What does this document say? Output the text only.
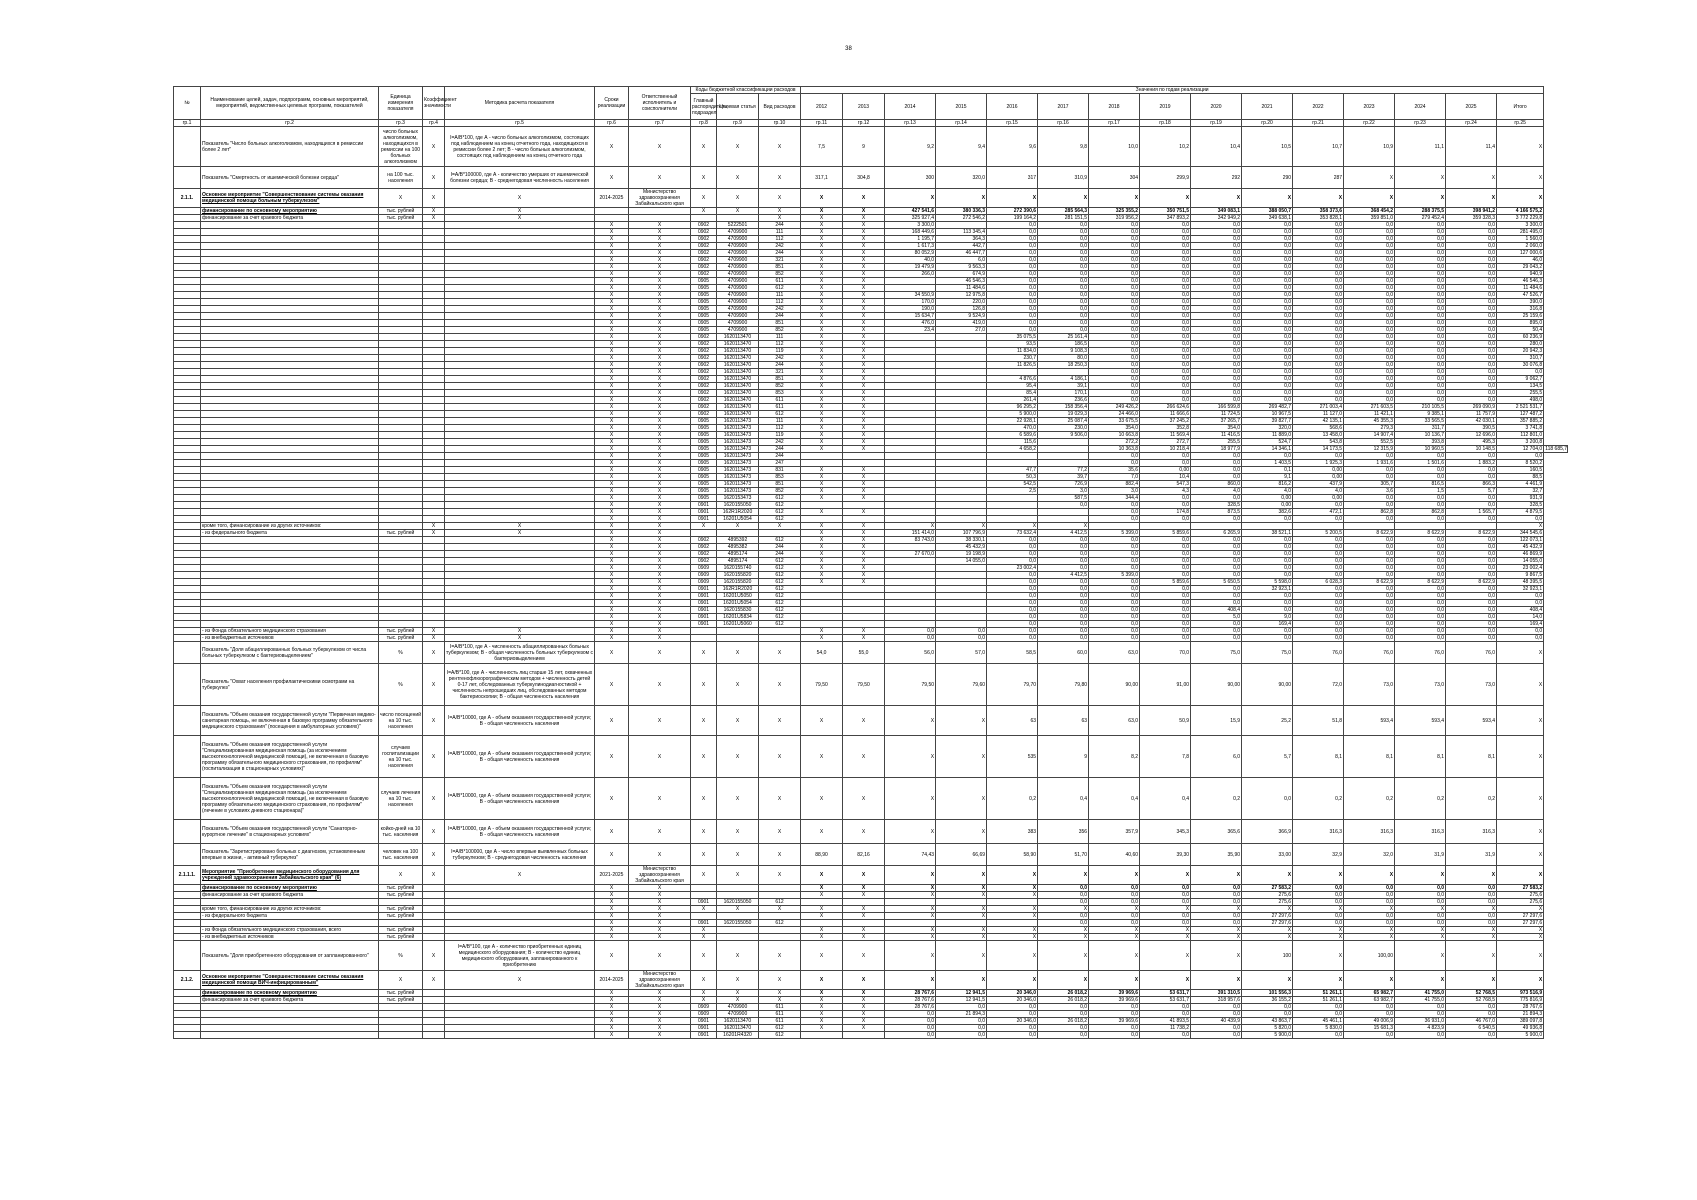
38
№	Наименование целей, задач, подпрограмм, основных мероприятий, мероприятий, ведомственных целевых программ, показателей	Единица измерения показателя	Коэффициент значимости	Методика расчета показателя	Сроки реализации	Ответственный исполнитель и соисполнители	Коды бюджетной классификации расходов			Значения по годам реализации															
							Главный распорядитель, подраздел	Целевая статья	Вид расходов	2012	2013	2014	2015	2016	2017	2018	2019	2020	2021	2022	2023	2024	2025	Итого	
гр.1	гр.2	гр.3	гр.4	гр.5	гр.6	гр.7	гр.8	гр.9	гр.10	гр.11	гр.12	гр.13	гр.14	гр.15	гр.16	гр.17	гр.18	гр.19	гр.20	гр.21	гр.22	гр.23	гр.24	гр.25	
	Показатель "Число больных алкоголизмом, находящихся в ремиссии более 2 лет"	число больных алкоголизмом, находящихся в ремиссии на 100 больных алкоголизмом	X	I=A/B*100, где А - число больных алкоголизмом, состоящих под наблюдением на конец отчетного года, находящихся в ремиссии более 2 лет; B - число больных алкоголизмом, состоящих под наблюдением на конец отчетного года	X	X	X	X	X	7,5	9	9,2	9,4	9,6	9,8	10,0	10,2	10,4	10,5	10,7	10,9	11,1	11,4	X	
	Показатель "Смертность от ишемической болезни сердца"	на 100 тыс. населения	X	I=A/B*100000, где А - количество умерших от ишемической болезни сердца; B - среднегодовая численность населения	X	X	X	X	X	317,1	304,8	300	320,0	317	310,9	304	299,9	292	290	287	X	X	X	X	
2.1.1.	Основное мероприятие "Совершенствование системы оказания медицинской помощи больным туберкулезом"	X	X	X	2014-2025	Министерство здравоохранения Забайкальского края	X	X	X	X	X	X	X	X	X	X	X	X	X	X	X	X	X	X	
	финансирование по основному мероприятию	тыс. рублей	X	X			X	X	X	X	X	427 541,6	380 336,3	272 390,6	285 564,3	325 355,2	350 751,5	349 083,1	388 050,7	358 373,6	368 454,2	288 375,5	398 941,2	4 166 575,2	
	финансирование за счет краевого бюджета	тыс. рублей	X	X					X	X	X	325 927,4	272 546,2	199 164,2	281 151,5	319 956,2	347 893,2	342 949,2	349 638,1	353 828,1	359 851,0	279 452,4	359 328,3	3 772 229,8	
					X	X	0902	5222501	244	X	X	3 300,0		0,0	0,0	0,0	0,0	0,0	0,0	0,0	0,0	0,0	0,0	3 300,0	
					X	X	0902	4709900	111	X	X	168 449,6	113 345,4	0,0	0,0	0,0	0,0	0,0	0,0	0,0	0,0	0,0	0,0	281 495,0	
					X	X	0902	4709900	112	X	X	1 195,7	364,3	0,0	0,0	0,0	0,0	0,0	0,0	0,0	0,0	0,0	0,0	1 560,0	
					X	X	0902	4709900	242	X	X	1 617,3	442,7	0,0	0,0	0,0	0,0	0,0	0,0	0,0	0,0	0,0	0,0	2 060,0	
					X	X	0902	4709900	244	X	X	80 052,9	46 447,7	0,0	0,0	0,0	0,0	0,0	0,0	0,0	0,0	0,0	0,0	127 000,6	
					X	X	0902	4709900	321	X	X	40,0	6,0	0,0	0,0	0,0	0,0	0,0	0,0	0,0	0,0	0,0	0,0	46,0	
					X	X	0902	4709900	851	X	X	19 479,9	9 563,3	0,0	0,0	0,0	0,0	0,0	0,0	0,0	0,0	0,0	0,0	29 043,2	
					X	X	0902	4709900	852	X	X	266,0	674,9	0,0	0,0	0,0	0,0	0,0	0,0	0,0	0,0	0,0	0,0	940,9	
					X	X	0905	4709900	611	X	X		46 546,3	0,0	0,0	0,0	0,0	0,0	0,0	0,0	0,0	0,0	0,0	46 546,3	
					X	X	0905	4709900	612	X	X		11 484,6	0,0	0,0	0,0	0,0	0,0	0,0	0,0	0,0	0,0	0,0	11 484,6	
					X	X	0905	4709900	111	X	X	34 550,9	12 975,8	0,0	0,0	0,0	0,0	0,0	0,0	0,0	0,0	0,0	0,0	47 526,7	
					X	X	0905	4709900	112	X	X	170,0	220,0	0,0	0,0	0,0	0,0	0,0	0,0	0,0	0,0	0,0	0,0	390,0	
					X	X	0905	4709900	242	X	X	190,0	126,8	0,0	0,0	0,0	0,0	0,0	0,0	0,0	0,0	0,0	0,0	316,8	
					X	X	0905	4709900	244	X	X	15 634,7	9 524,9	0,0	0,0	0,0	0,0	0,0	0,0	0,0	0,0	0,0	0,0	25 159,6	
					X	X	0905	4709900	851	X	X	476,0	419,0	0,0	0,0	0,0	0,0	0,0	0,0	0,0	0,0	0,0	0,0	895,0	
					X	X	0905	4709900	852	X	X	23,4	27,0	0,0	0,0	0,0	0,0	0,0	0,0	0,0	0,0	0,0	0,0	50,4	
					X	X	0902	1620113470	111	X	X			35 075,5	25 161,4	0,0	0,0	0,0	0,0	0,0	0,0	0,0	0,0	60 236,9	
					X	X	0902	1620113470	112	X	X			93,5	186,5	0,0	0,0	0,0	0,0	0,0	0,0	0,0	0,0	280,0	
					X	X	0902	1620113470	119	X	X			11 834,0	9 108,3	0,0	0,0	0,0	0,0	0,0	0,0	0,0	0,0	20 942,3	
					X	X	0902	1620113470	242	X	X			230,7	80,0	0,0	0,0	0,0	0,0	0,0	0,0	0,0	0,0	310,7	
					X	X	0902	1620113470	244	X	X			11 826,5	18 250,3	0,0	0,0	0,0	0,0	0,0	0,0	0,0	0,0	30 076,8	
					X	X	0902	1620113470	321	X	X					0,0	0,0	0,0	0,0	0,0	0,0	0,0	0,0	0,0	
					X	X	0902	1620113470	851	X	X			4 876,6	4 186,1	0,0	0,0	0,0	0,0	0,0	0,0	0,0	0,0	9 062,7	
					X	X	0902	1620113470	852	X	X			95,4	39,1	0,0	0,0	0,0	0,0	0,0	0,0	0,0	0,0	134,5	
					X	X	0902	1620113470	853	X	X			85,4	170,1	0,0	0,0	0,0	0,0	0,0	0,0	0,0	0,0	255,5	
					X	X	0902	1620113470	611	X	X			261,4	236,6	0,0	0,0	0,0	0,0	0,0	0,0	0,0	0,0	498,0	
					X	X	0902	1620113470	611	X	X			96 295,2	158 356,4	249 426,2	266 624,6	166 599,8	269 482,7	271 003,4	271 603,5	210 105,5	269 090,9	2 521 531,7	
					X	X	0902	1620113470	612	X	X			5 900,0	19 029,3	24 466,0	11 666,6	11 724,5	10 967,5	11 127,0	11 421,1	9 385,1	11 757,9	127 487,2	
					X	X	0905	1620113473	111	X	X			22 928,1	25 087,4	33 675,5	37 245,2	37 265,7	39 827,7	42 135,1	45 355,3	33 565,5	42 030,1	357 885,2	
					X	X	0905	1620113473	112	X	X			470,0	230,0	354,0	352,8	354,0	320,0	568,6	279,3	311,7	390,5	3 741,8	
					X	X	0905	1620113473	119	X	X			6 589,6	9 506,0	10 663,8	11 569,4	11 416,5	11 889,0	13 458,0	14 907,4	10 136,7	12 696,0	112 801,0	
					X	X	0905	1620113473	242	X	X			115,6		272,2	272,7	255,5	524,7	543,8	552,5	393,8	495,3	3 200,8	
					X	X	0905	1620113473	244	X	X			4 658,2		10 363,8	10 218,4	18 977,9	14 346,1	14 173,5	12 315,9	10 960,5	10 148,5	12 704,0	118 685,7
					X	X	0905	1620113473	244							0,0	0,0	0,0	0,0	0,0	0,0	0,0	0,0	0,0	
					X	X	0905	1620113473	247							0,0	0,0	0,0	1 403,5	1 925,3	1 931,6	1 501,6	1 883,2	8 520,2	
					X	X	0905	1620113473	831	X	X			47,7	77,2	35,6	0,00	0,0	0,1	0,00	0,0	0,0	0,0	160,5	
					X	X	0905	1620113473	853	X	X			50,3	39,7	7,0	10,4	0,0	9,1	0,00	0,0	0,0	0,0	88,5	
					X	X	0905	1620113473	851	X	X			542,5	726,9	882,4	547,3	860,0	816,2	437,9	305,7	816,5	866,3	4 461,9	
					X	X	0905	1620113473	852	X	X			2,5	3,0	3,0	4,3	4,0	4,0	4,0	3,6	1,5	5,7	32,7	
					X	X	0905	1620153473	612	X	X				587,5	344,4	0,0	0,0	0,00	0,00	0,0	0,0	0,0	931,9	
					X	X	0901	1620155050	612						0,0	0,0	0,0	328,5	0,00	0,0	0,0	0,0	0,0	328,5	
					X	X	0901	162R1R2020	612	X	X					0,0	174,8	873,5	382,6	472,1	862,8	862,8	1 565,7	4 879,5	
					X	X	0901	16201U5054	612							0,0	0,0	0,0	0,0	0,0	0,0	0,0	0,0	0,0	
	кроме того, финансирование из других источников:		X	X	X	X	X	X	X	X	X	X	X	X	X									X	
	- из федерального бюджета	тыс. рублей	X	X	X	X				X	X	151 414,0	107 796,9	73 632,4	4 412,5	5 399,0	5 859,6	6 265,9	38 521,1	5 200,5	8 622,9	8 622,9	8 622,9	344 545,6	
					X	X	0902	4895392	612	X	X	83 743,0	38 330,1	0,0	0,0	0,0	0,0	0,0	0,0	0,0	0,0	0,0	0,0	122 073,1	
					X	X	0902	4895382	244	X	X		45 432,9	0,0	0,0	0,0	0,0	0,0	0,0	0,0	0,0	0,0	0,0	45 432,9	
					X	X	0902	4895174	244	X	X	27 670,0	19 198,9	0,0	0,0	0,0	0,0	0,0	0,0	0,0	0,0	0,0	0,0	46 869,9	
					X	X	0902	4895174	612	X	X		14 055,0	0,0	0,0	0,0	0,0	0,0	0,0	0,0	0,0	0,0	0,0	14 055,0	
					X	X	0909	1620155740	612	X	X			23 002,4	0,0	0,0	0,0	0,0	0,0	0,0	0,0	0,0	0,0	23 002,4	
					X	X	0909	1620155820	612	X	X			0,0	4 412,5	5 399,0	0,0	0,0	0,0	0,0	0,0	0,0	0,0	9 867,5	
					X	X	0909	1620155820	612	X	X			0,0	0,0	0,0	5 859,6	5 650,5	5 598,0	6 028,3	8 622,9	8 622,9	8 622,9	48 395,5	
					X	X	0901	162R1R2020	612					0,0	0,0	0,0	0,0	0,0	32 923,1	0,0	0,0	0,0	0,0	32 923,1	
					X	X	0901	16201U5050	612					0,0	0,0	0,0	0,0	0,0	0,0	0,0	0,0	0,0	0,0	0,0	
					X	X	0901	16201U5054	612					0,0	0,0	0,0	0,0	0,0	0,0	0,0	0,0	0,0	0,0	0,0	
					X	X	0901	1620155830	612					0,0	0,0	0,0	0,0	408,4	0,0	0,0	0,0	0,0	0,0	408,4	
					X	X	0901	16201U5834	612					0,0	0,0	0,0	0,0	5,0	9,0	0,0	0,0	0,0	0,0	14,0	
					X	X	0901	16201U5060	612					0,0	0,0	0,0	0,0	0,0	169,4	0,0	0,0	0,0	0,0	169,4	
	- из Фонда обязательного медицинского страхования	тыс. рублей	X	X	X	X				X	X	0,0	0,0	0,0	0,0	0,0	0,0	0,0	0,0	0,0	0,0	0,0	0,0	0,0	
	- из внебюджетных источников	тыс. рублей	X	X	X	X				X	X	0,0	0,0	0,0	0,0	0,0	0,0	0,0	0,0	0,0	0,0	0,0	0,0	0,0	
	Показатель "Доля абациллированных больных туберкулезом от числа больных туберкулезом с бактериовыделением"	%	X	I=A/B*100, где А - численность абациллированных больных туберкулезом; В - общая численность больных туберкулезом с бактериовыделением	X	X	X	X	X	54,0	55,0	56,0	57,0	58,5	60,0	63,0	70,0	75,0	75,0	76,0	76,0	76,0	76,0	X	
	Показатель "Охват населения профилактическими осмотрами на туберкулез"	%	X	I=A/B*100, где А - численность лиц старше 15 лет, охваченных рентгенофлюорографическим методом + численность детей 0-17 лет, обследованных туберкулинодиагностикой + численность непрошедших лиц, обследованных методом бактериоскопии; В - общая численность населения	X	X	X	X	X	79,50	79,50	79,50	79,60	79,70	79,80	90,00	91,00	90,00	90,00	72,0	73,0	73,0	73,0	X	
	Показатель "Объем оказания государственной услуги "Первичная медико-санитарная помощь, не включенная в базовую программу обязательного медицинского страхования" (посещения в амбулаторных условиях)"	число посещений на 10 тыс. населения	X	I=A/B*10000, где А - объем оказания государственной услуги; В - общая численность населения	X	X	X	X	X	X	X	X	X	63	63	63,0	50,9	15,9	25,2	51,8	593,4	593,4	593,4	X	
	Показатель "Объем оказания государственной услуги "Специализированная медицинская помощь (за исключением высокотехнологичной медицинской помощи), не включенная в базовую программу обязательного медицинского страхования, по профилям" (госпитализация в стационарных условиях)"	случаев госпитализации на 10 тыс. населения	X	I=A/B*10000, где А - объем оказания государственной услуги; В - общая численность населения	X	X	X	X	X	X	X	X	X	535	9	8,2	7,8	6,0	5,7	8,1	8,1	8,1	8,1	X	
	Показатель "Объем оказания государственной услуги "Специализированная медицинская помощь (за исключением высокотехнологичной медицинской помощи), не включенная в базовую программу обязательного медицинского страхования, по профилям" (лечение в условиях дневного стационара)"	случаев лечения на 10 тыс. населения	X	I=A/B*10000, где А - объем оказания государственной услуги; В - общая численность населения	X	X	X	X	X	X	X	X	X	0,2	0,4	0,4	0,4	0,2	0,0	0,2	0,2	0,2	0,2	X	
	Показатель "Объем оказания государственной услуги "Санаторно-курортное лечение" в стационарных условиях"	койко-дней на 10 тыс. населения	X	I=A/B*10000, где А - объем оказания государственной услуги; В - общая численность населения	X	X	X	X	X	X	X	X	X	383	356	357,9	345,3	365,6	366,9	316,3	316,3	316,3	316,3	X	
	Показатель "Заретистрировано больных с диагнозом, установленным впервые в жизни, - активный туберкулез"	человек на 100 тыс. населения	X	I=A/B*100000, где А - число впервые выявленных больных туберкулезом; В - среднегодовая численность населения	X	X	X	X	X	88,90	82,16	74,43	66,69	58,90	51,70	40,60	39,30	35,90	33,00	32,9	32,0	31,9	31,9	X	
2.1.1.1.	Мероприятие "Приобретение медицинского оборудования для учреждений здравоохранения Забайкальского края" (6)	X	X	X	2021-2025	Министерство здравоохранения Забайкальского края	X	X	X	X	X	X	X	X	X	X	X	X	X	X	X	X	X	X	
	финансирование по основному мероприятию	тыс. рублей			X	X				X	X	X	X	X	0,0	0,0	0,0	0,0	27 583,2	0,0	0,0	0,0	0,0	27 583,2	
	финансирование за счет краевого бюджета	тыс. рублей			X	X				X	X	X	X	X	0,0	0,0	0,0	0,0	275,6	0,0	0,0	0,0	0,0	275,6	
					X	X	0901	1620155050	612						0,0	0,0	0,0	0,0	275,6	0,0	0,0	0,0	0,0	275,6	
	кроме того, финансирование из других источников:	тыс. рублей			X	X	X	X	X	X	X	X	X	X	X	X	X	X	X	X	X	X	X	X	
	- из федерального бюджета	тыс. рублей			X	X				X	X	X	X	X	0,0	0,0	0,0	0,0	27 297,6	0,0	0,0	0,0	0,0	27 297,6	
					X	X	0901	1620155050	612						0,0	0,0	0,0	0,0	27 297,6	0,0	0,0	0,0	0,0	27 297,6	
	- из Фонда обязательного медицинского страхования, всего	тыс. рублей			X	X	X			X	X	X	X	X	X	X	X	X	X	X	X	X	X	X	
	- из внебюджетных источников	тыс. рублей			X	X	X			X	X	X	X	X	X	X	X	X	X	X	X	X	X	X	
	Показатель "Доля приобретенного оборудования от запланированного"	%	X	I=A/B*100, где А - количество приобретенных единиц медицинского оборудования; В - количество единиц медицинского оборудования, запланированного к приобретению	X	X	X	X	X	X	X	X	X	X	X	X	X	X	100	X	100,00	X	X	X	
2.1.2.	Основное мероприятие "Совершенствование системы оказания медицинской помощи ВИЧ-инфицированным"	X	X	X	2014-2025	Министерство здравоохранения Забайкальского края	X	X	X	X	X	X	X	X	X	X	X	X	X	X	X	X	X	X	
	финансирование по основному мероприятию	тыс. рублей			X	X	X	X	X	X	X	28 767,6	12 941,5	20 346,0	26 018,2	39 969,6	53 631,7	391 310,5	101 556,3	51 261,1	65 982,7	41 755,0	52 768,5	973 516,9	
	финансирование за счет краевого бюджета	тыс. рублей			X	X	X	X	X	X	X	28 767,6	12 941,5	20 346,0	26 018,2	39 969,6	53 631,7	318 957,6	36 155,2	51 261,1	63 982,7	41 755,0	52 768,5	775 816,9	
					X	X	0909	4709900	611	X	X	28 767,6	0,0	0,0	0,0	0,0	0,0	0,0	0,0	0,0	0,0	0,0	0,0	28 767,6	
					X	X	0909	4709900	611	X	X	0,0	21 894,3	0,0	0,0	0,0	0,0	0,0	0,0	0,0	0,0	0,0	0,0	21 894,3	
					X	X	0901	1620113470	611	X	X	0,0	0,0	20 346,0	26 018,2	39 969,6	41 893,5	40 439,9	43 863,7	45 461,1	49 006,9	36 931,0	46 767,0	389 097,8	
					X	X	0901	1620113470	612	X	X	0,0	0,0	0,0	0,0	0,0	11 738,2	0,0	5 820,0	5 830,0	15 681,3	4 823,9	6 540,5	49 936,8	
					X	X	0901	16201R4320	612			0,0	0,0	0,0	0,0	0,0	0,0	0,0	5 900,0	0,0	0,0	0,0	0,0	5 900,0	
